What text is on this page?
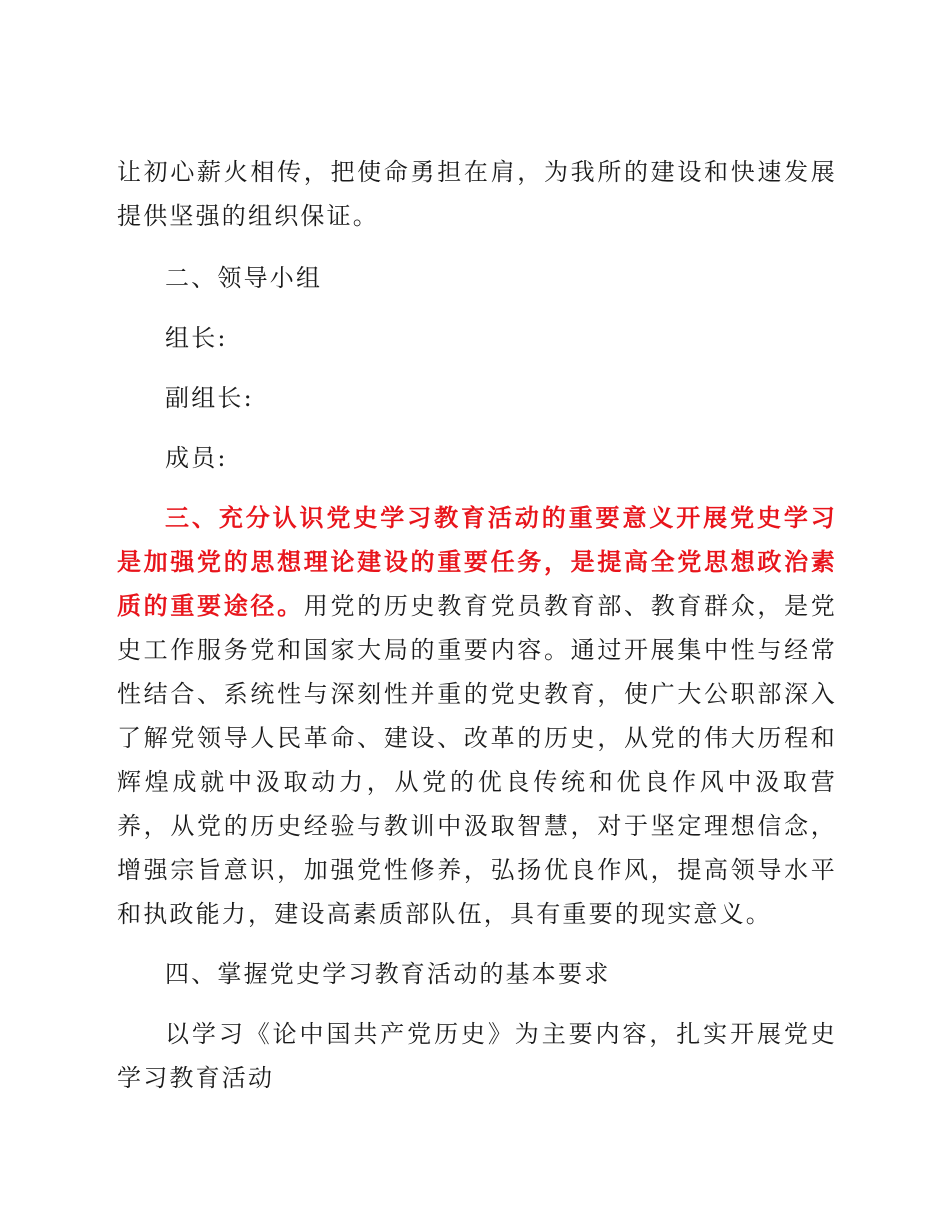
让初心薪火相传，把使命勇担在肩，为我所的建设和快速发展提供坚强的组织保证。

二、领导小组

组长:

副组长:

成员:

三、充分认识党史学习教育活动的重要意义开展党史学习是加强党的思想理论建设的重要任务，是提高全党思想政治素质的重要途径。用党的历史教育党员教育部、教育群众，是党史工作服务党和国家大局的重要内容。通过开展集中性与经常性结合、系统性与深刻性并重的党史教育，使广大公职部深入了解党领导人民革命、建设、改革的历史，从党的伟大历程和辉煌成就中汲取动力，从党的优良传统和优良作风中汲取营养，从党的历史经验与教训中汲取智慧，对于坚定理想信念，增强宗旨意识，加强党性修养，弘扬优良作风，提高领导水平和执政能力，建设高素质部队伍，具有重要的现实意义。

四、掌握党史学习教育活动的基本要求

以学习《论中国共产党历史》为主要内容，扎实开展党史学习教育活动
